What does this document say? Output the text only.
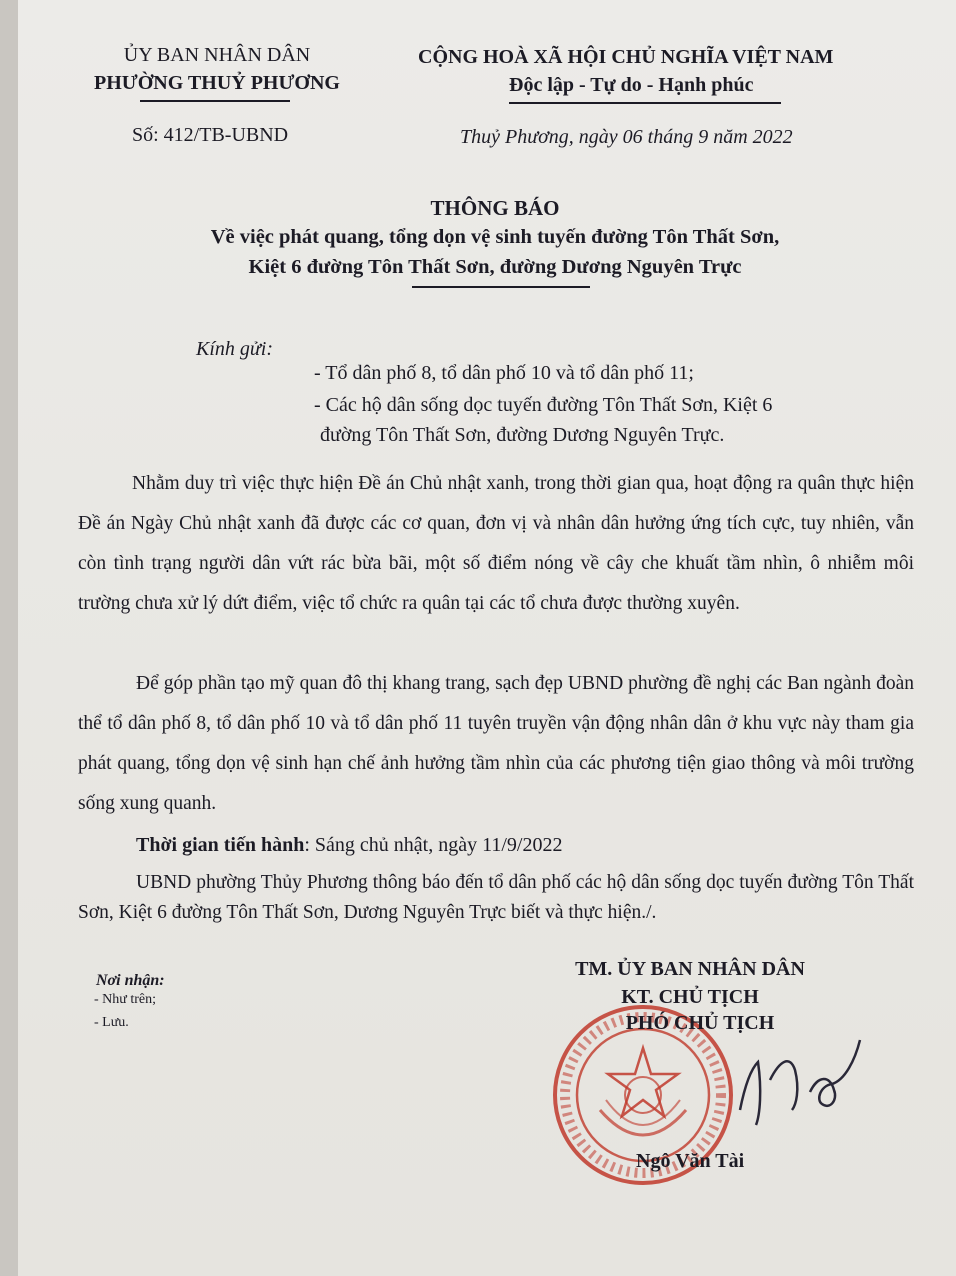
ỦY BAN NHÂN DÂN
PHƯỜNG THUỶ PHƯƠNG
Số: 412/TB-UBND
CỘNG HOÀ XÃ HỘI CHỦ NGHĨA VIỆT NAM
Độc lập - Tự do - Hạnh phúc
Thuỷ Phương, ngày 06 tháng 9 năm 2022
THÔNG BÁO
Về việc phát quang, tổng dọn vệ sinh tuyến đường Tôn Thất Sơn,
Kiệt 6 đường Tôn Thất Sơn, đường Dương Nguyên Trực
Kính gửi:
- Tổ dân phố 8, tổ dân phố 10 và tổ dân phố 11;
- Các hộ dân sống dọc tuyến đường Tôn Thất Sơn, Kiệt 6
đường Tôn Thất Sơn, đường Dương Nguyên Trực.
Nhằm duy trì việc thực hiện Đề án Chủ nhật xanh, trong thời gian qua, hoạt động ra quân thực hiện Đề án Ngày Chủ nhật xanh đã được các cơ quan, đơn vị và nhân dân hưởng ứng tích cực, tuy nhiên, vẫn còn tình trạng người dân vứt rác bừa bãi, một số điểm nóng về cây che khuất tầm nhìn, ô nhiễm môi trường chưa xử lý dứt điểm, việc tổ chức ra quân tại các tổ chưa được thường xuyên.
Để góp phần tạo mỹ quan đô thị khang trang, sạch đẹp UBND phường đề nghị các Ban ngành đoàn thể tổ dân phố 8, tổ dân phố 10 và tổ dân phố 11 tuyên truyền vận động nhân dân ở khu vực này tham gia phát quang, tổng dọn vệ sinh hạn chế ảnh hưởng tầm nhìn của các phương tiện giao thông và môi trường sống xung quanh.
Thời gian tiến hành: Sáng chủ nhật, ngày 11/9/2022
UBND phường Thủy Phương thông báo đến tổ dân phố các hộ dân sống dọc tuyến đường Tôn Thất Sơn, Kiệt 6 đường Tôn Thất Sơn, Dương Nguyên Trực biết và thực hiện./.
Nơi nhận:
- Như trên;
- Lưu.
TM. ỦY BAN NHÂN DÂN
KT. CHỦ TỊCH
PHÓ CHỦ TỊCH
Ngô Văn Tài
